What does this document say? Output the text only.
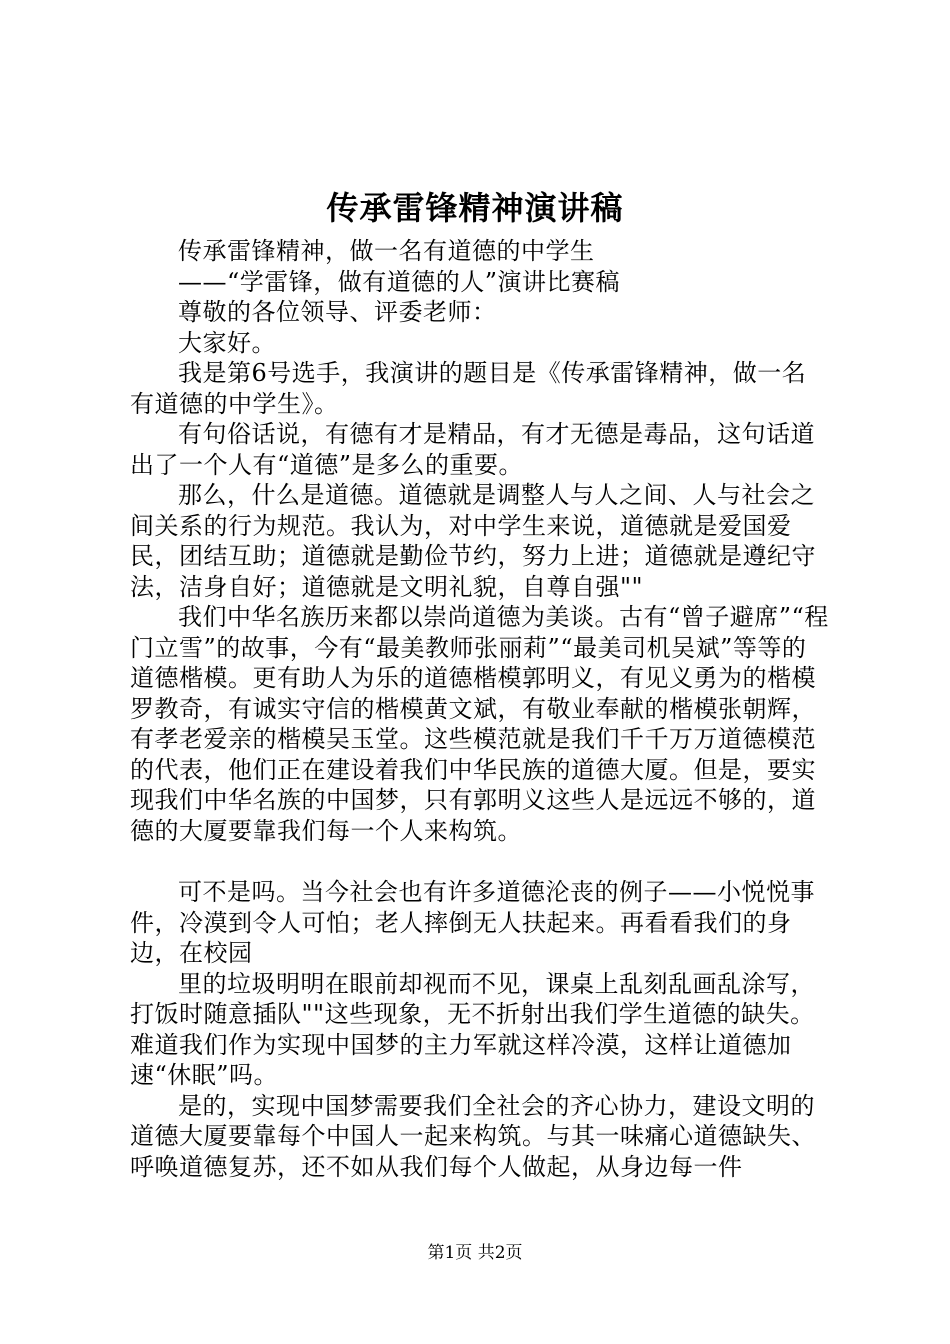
传承雷锋精神演讲稿

传承雷锋精神，做一名有道德的中学生

——“学雷锋，做有道德的人”演讲比赛稿

尊敬的各位领导、评委老师：

大家好。

我是第6号选手，我演讲的题目是《传承雷锋精神，做一名有道德的中学生》。

有句俗话说，有德有才是精品，有才无德是毒品，这句话道出了一个人有“道德”是多么的重要。

那么，什么是道德。道德就是调整人与人之间、人与社会之间关系的行为规范。我认为，对中学生来说，道德就是爱国爱民，团结互助；道德就是勤俭节约，努力上进；道德就是遵纪守法，洁身自好；道德就是文明礼貌，自尊自强""

我们中华名族历来都以崇尚道德为美谈。古有“曾子避席”“程门立雪”的故事，今有“最美教师张丽莉”“最美司机吴斌”等等的道德楷模。更有助人为乐的道德楷模郭明义，有见义勇为的楷模罗教奇，有诚实守信的楷模黄文斌，有敬业奉献的楷模张朝辉，有孝老爱亲的楷模吴玉堂。这些模范就是我们千千万万道德模范的代表，他们正在建设着我们中华民族的道德大厦。但是，要实现我们中华名族的中国梦，只有郭明义这些人是远远不够的，道德的大厦要靠我们每一个人来构筑。

可不是吗。当今社会也有许多道德沦丧的例子——小悦悦事件，冷漠到令人可怕；老人摔倒无人扶起来。再看看我们的身边，在校园

里的垃圾明明在眼前却视而不见，课桌上乱刻乱画乱涂写，打饭时随意插队""这些现象，无不折射出我们学生道德的缺失。难道我们作为实现中国梦的主力军就这样冷漠，这样让道德加速“休眠”吗。

是的，实现中国梦需要我们全社会的齐心协力，建设文明的道德大厦要靠每个中国人一起来构筑。与其一味痛心道德缺失、呼唤道德复苏，还不如从我们每个人做起，从身边每一件

第1页 共2页
